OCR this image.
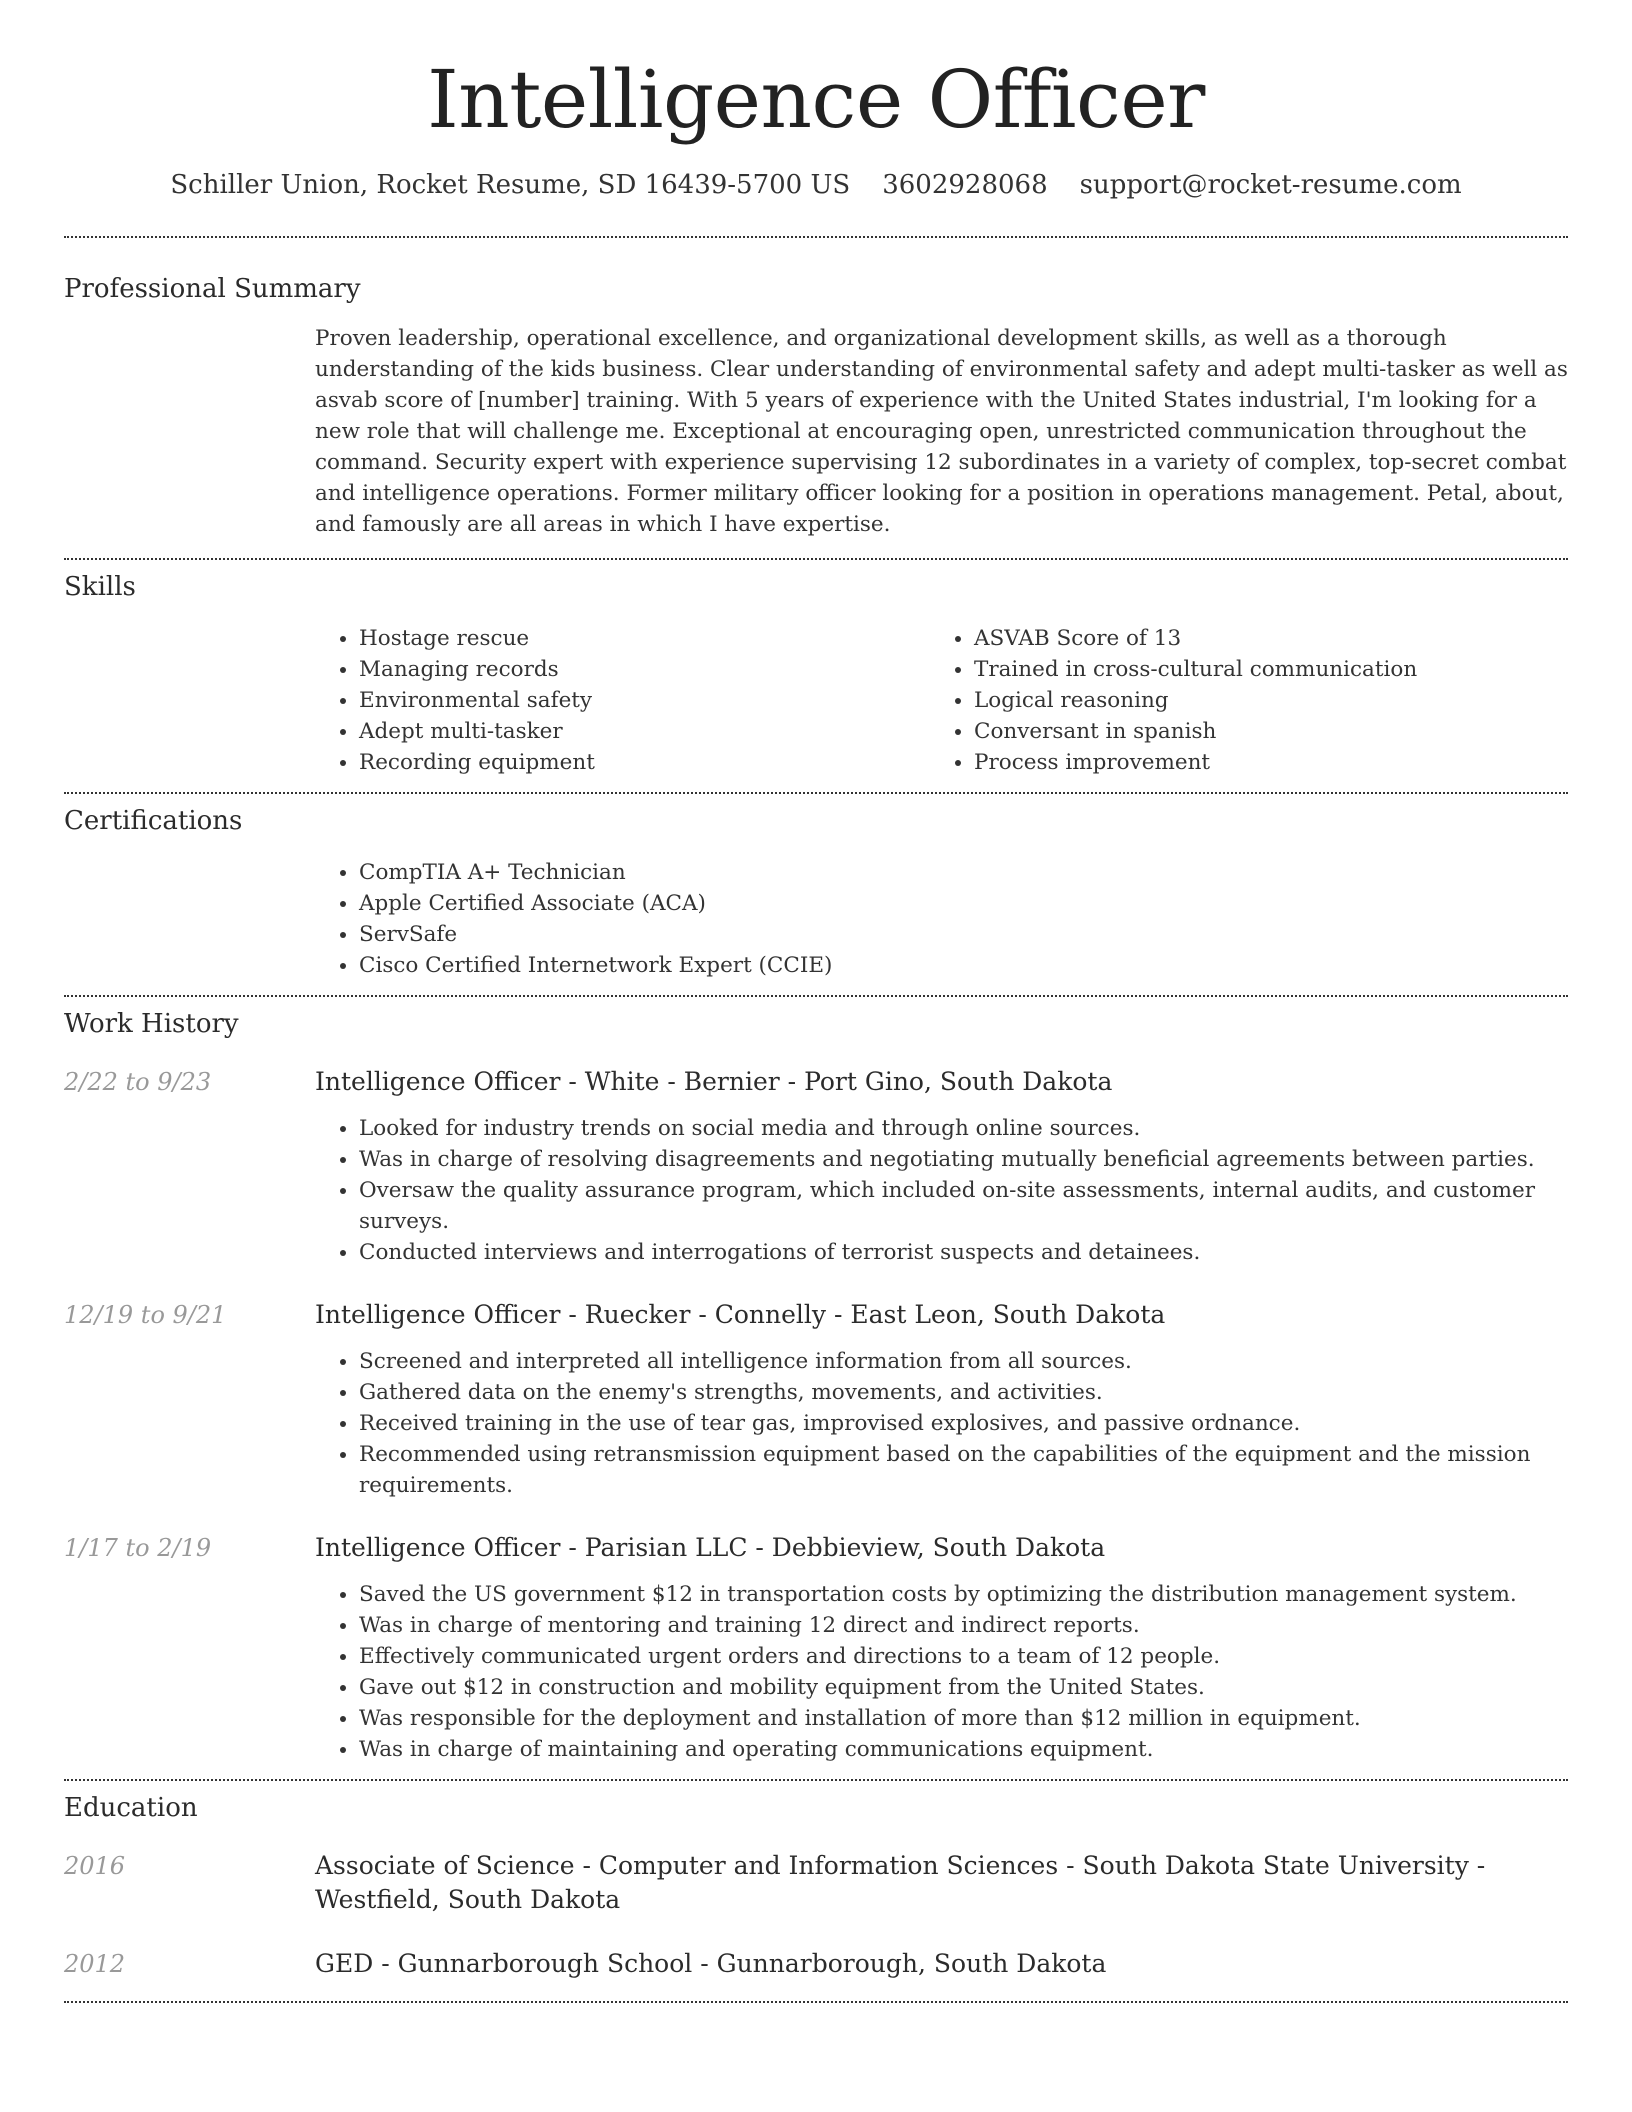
Intelligence Officer
Schiller Union, Rocket Resume, SD 16439-5700 US 3602928068 support@rocket-resume.com
Professional Summary

Proven leadership, operational excellence, and organizational development skills, as well as a thorough understanding of the kids business. Clear understanding of environmental safety and adept multi-tasker as well as asvab score of [number] training. With 5 years of experience with the United States industrial, I'm looking for a new role that will challenge me. Exceptional at encouraging open, unrestricted communication throughout the command. Security expert with experience supervising 12 subordinates in a variety of complex, top-secret combat and intelligence operations. Former military officer looking for a position in operations management. Petal, about, and famously are all areas in which I have expertise.

Skills
• Hostage rescue
• Managing records
• Environmental safety
• Adept multi-tasker
• Recording equipment
• ASVAB Score of 13
• Trained in cross-cultural communication
• Logical reasoning
• Conversant in spanish
• Process improvement
Certifications
• CompTIA A+ Technician
• Apple Certified Associate (ACA)
• ServSafe
• Cisco Certified Internetwork Expert (CCIE)
Work History
2/22 to 9/23	Intelligence Officer - White - Bernier - Port Gino, South Dakota

• Looked for industry trends on social media and through online sources.
• Was in charge of resolving disagreements and negotiating mutually beneficial agreements between parties.
• Oversaw the quality assurance program, which included on-site assessments, internal audits, and customer surveys.
• Conducted interviews and interrogations of terrorist suspects and detainees.
12/19 to 9/21	Intelligence Officer - Ruecker - Connelly - East Leon, South Dakota

• Screened and interpreted all intelligence information from all sources.
• Gathered data on the enemy's strengths, movements, and activities.
• Received training in the use of tear gas, improvised explosives, and passive ordnance.
• Recommended using retransmission equipment based on the capabilities of the equipment and the mission requirements.
1/17 to 2/19	Intelligence Officer - Parisian LLC - Debbieview, South Dakota

• Saved the US government $12 in transportation costs by optimizing the distribution management system.
• Was in charge of mentoring and training 12 direct and indirect reports.
• Effectively communicated urgent orders and directions to a team of 12 people.
• Gave out $12 in construction and mobility equipment from the United States.
• Was responsible for the deployment and installation of more than $12 million in equipment.
• Was in charge of maintaining and operating communications equipment.
Education
2016	Associate of Science - Computer and Information Sciences - South Dakota State University - Westfield, South Dakota

2012	GED - Gunnarborough School - Gunnarborough, South Dakota
